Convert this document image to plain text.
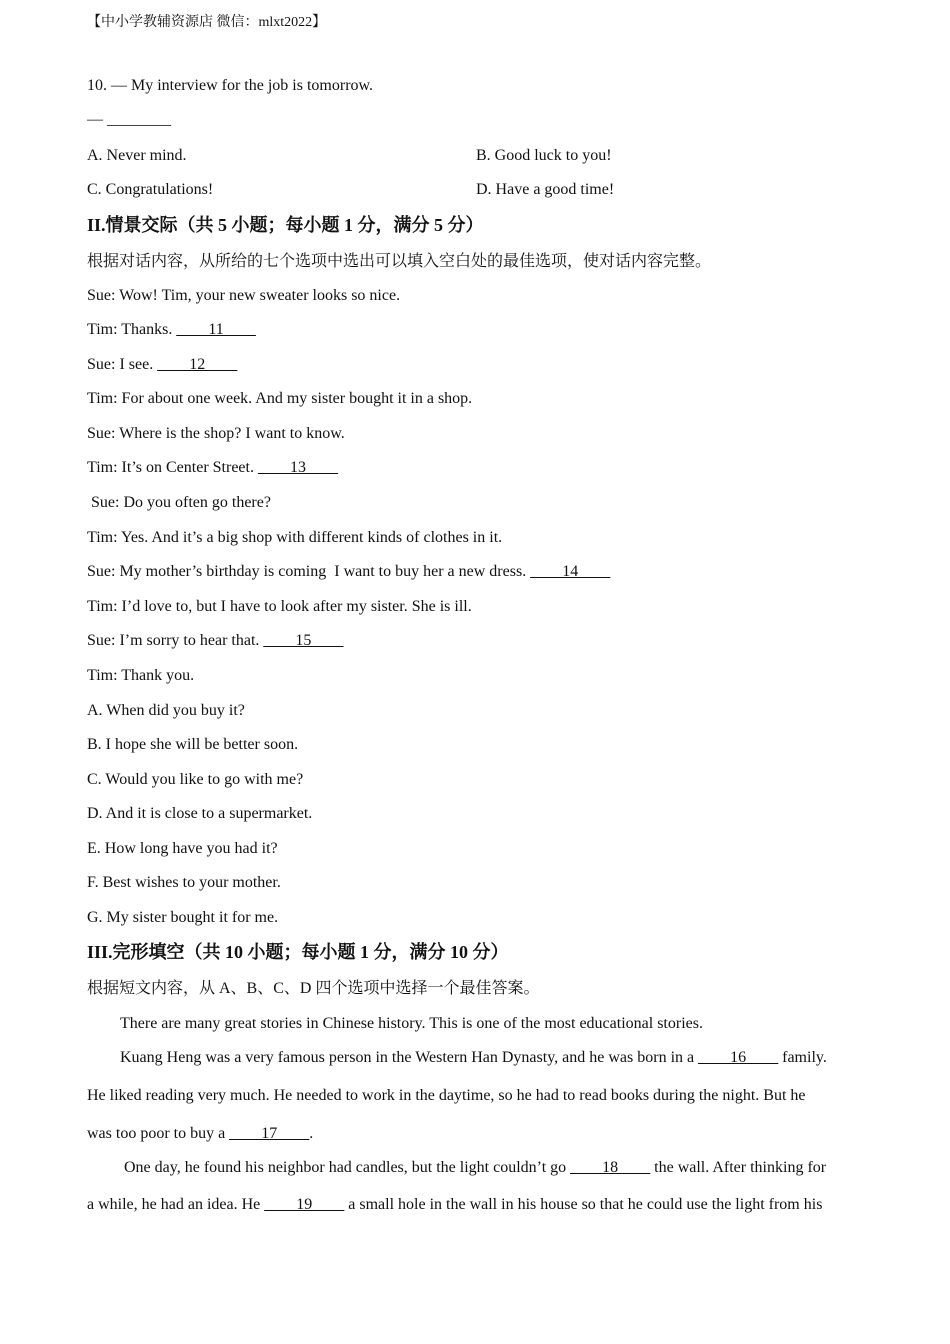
【中小学教辅资源店 微信：mlxt2022】
10. — My interview for the job is tomorrow.
— ________
A. Never mind.	B. Good luck to you!
C. Congratulations!	D. Have a good time!
II.情景交际（共 5 小题；每小题 1 分，满分 5 分）
根据对话内容，从所给的七个选项中选出可以填入空白处的最佳选项，使对话内容完整。
Sue: Wow! Tim, your new sweater looks so nice.
Tim: Thanks. ____11____
Sue: I see. ____12____
Tim: For about one week. And my sister bought it in a shop.
Sue: Where is the shop? I want to know.
Tim: It’s on Center Street. ____13____
Sue: Do you often go there?
Tim: Yes. And it’s a big shop with different kinds of clothes in it.
Sue: My mother’s birthday is coming  I want to buy her a new dress. ____14____
Tim: I’d love to, but I have to look after my sister. She is ill.
Sue: I’m sorry to hear that. ____15____
Tim: Thank you.
A. When did you buy it?
B. I hope she will be better soon.
C. Would you like to go with me?
D. And it is close to a supermarket.
E. How long have you had it?
F. Best wishes to your mother.
G. My sister bought it for me.
III.完形填空（共 10 小题；每小题 1 分，满分 10 分）
根据短文内容，从 A、B、C、D 四个选项中选择一个最佳答案。
There are many great stories in Chinese history. This is one of the most educational stories.
Kuang Heng was a very famous person in the Western Han Dynasty, and he was born in a ____16____ family.
He liked reading very much. He needed to work in the daytime, so he had to read books during the night. But he
was too poor to buy a ____17____.
One day, he found his neighbor had candles, but the light couldn’t go ____18____ the wall. After thinking for
a while, he had an idea. He ____19____ a small hole in the wall in his house so that he could use the light from his
